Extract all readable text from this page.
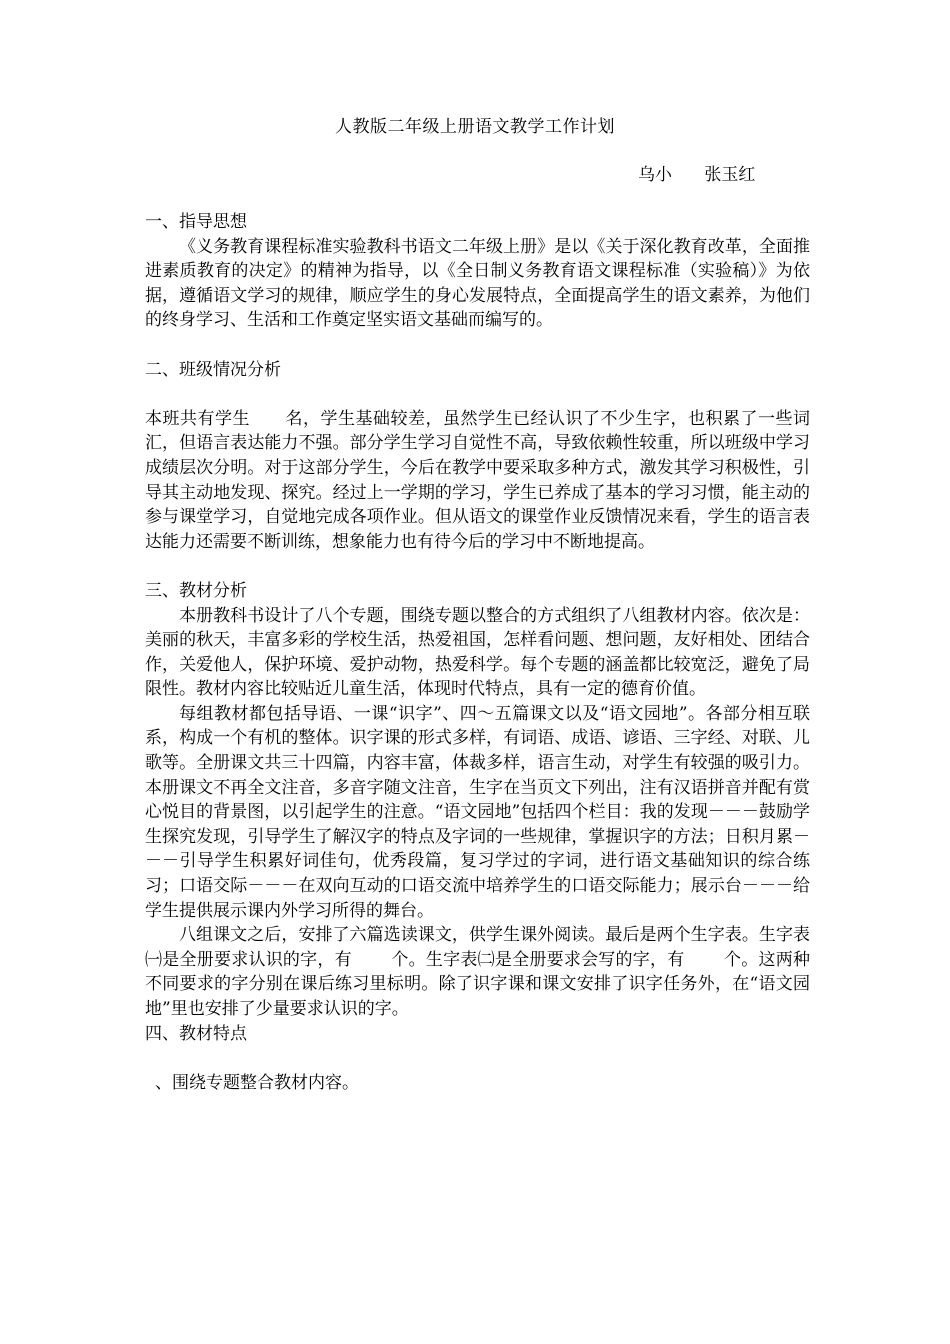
人教版二年级上册语文教学工作计划
乌小      张玉红
一、指导思想

《义务教育课程标准实验教科书语文二年级上册》是以《关于深化教育改革，全面推进素质教育的决定》的精神为指导，以《全日制义务教育语文课程标准（实验稿）》为依据，遵循语文学习的规律，顺应学生的身心发展特点，全面提高学生的语文素养，为他们的终身学习、生活和工作奠定坚实语文基础而编写的。

二、班级情况分析

本班共有学生      名，学生基础较差，虽然学生已经认识了不少生字，也积累了一些词汇，但语言表达能力不强。部分学生学习自觉性不高，导致依赖性较重，所以班级中学习成绩层次分明。对于这部分学生，今后在教学中要采取多种方式，激发其学习积极性，引导其主动地发现、探究。经过上一学期的学习，学生已养成了基本的学习习惯，能主动的参与课堂学习，自觉地完成各项作业。但从语文的课堂作业反馈情况来看，学生的语言表达能力还需要不断训练，想象能力也有待今后的学习中不断地提高。

三、教材分析

本册教科书设计了八个专题，围绕专题以整合的方式组织了八组教材内容。依次是：美丽的秋天，丰富多彩的学校生活，热爱祖国，怎样看问题、想问题，友好相处、团结合作，关爱他人，保护环境、爱护动物，热爱科学。每个专题的涵盖都比较宽泛，避免了局限性。教材内容比较贴近儿童生活，体现时代特点，具有一定的德育价值。

每组教材都包括导语、一课“识字”、四～五篇课文以及“语文园地”。各部分相互联系，构成一个有机的整体。识字课的形式多样，有词语、成语、谚语、三字经、对联、儿歌等。全册课文共三十四篇，内容丰富，体裁多样，语言生动，对学生有较强的吸引力。本册课文不再全文注音，多音字随文注音，生字在当页文下列出，注有汉语拼音并配有赏心悦目的背景图，以引起学生的注意。“语文园地”包括四个栏目：我的发现－－－鼓励学生探究发现，引导学生了解汉字的特点及字词的一些规律，掌握识字的方法；日积月累－－－引导学生积累好词佳句，优秀段篇，复习学过的字词，进行语文基础知识的综合练习；口语交际－－－在双向互动的口语交流中培养学生的口语交际能力；展示台－－－给学生提供展示课内外学习所得的舞台。

八组课文之后，安排了六篇选读课文，供学生课外阅读。最后是两个生字表。生字表㈠是全册要求认识的字，有       个。生字表㈡是全册要求会写的字，有       个。这两种不同要求的字分别在课后练习里标明。除了识字课和课文安排了识字任务外，在“语文园地”里也安排了少量要求认识的字。

四、教材特点

、围绕专题整合教材内容。
